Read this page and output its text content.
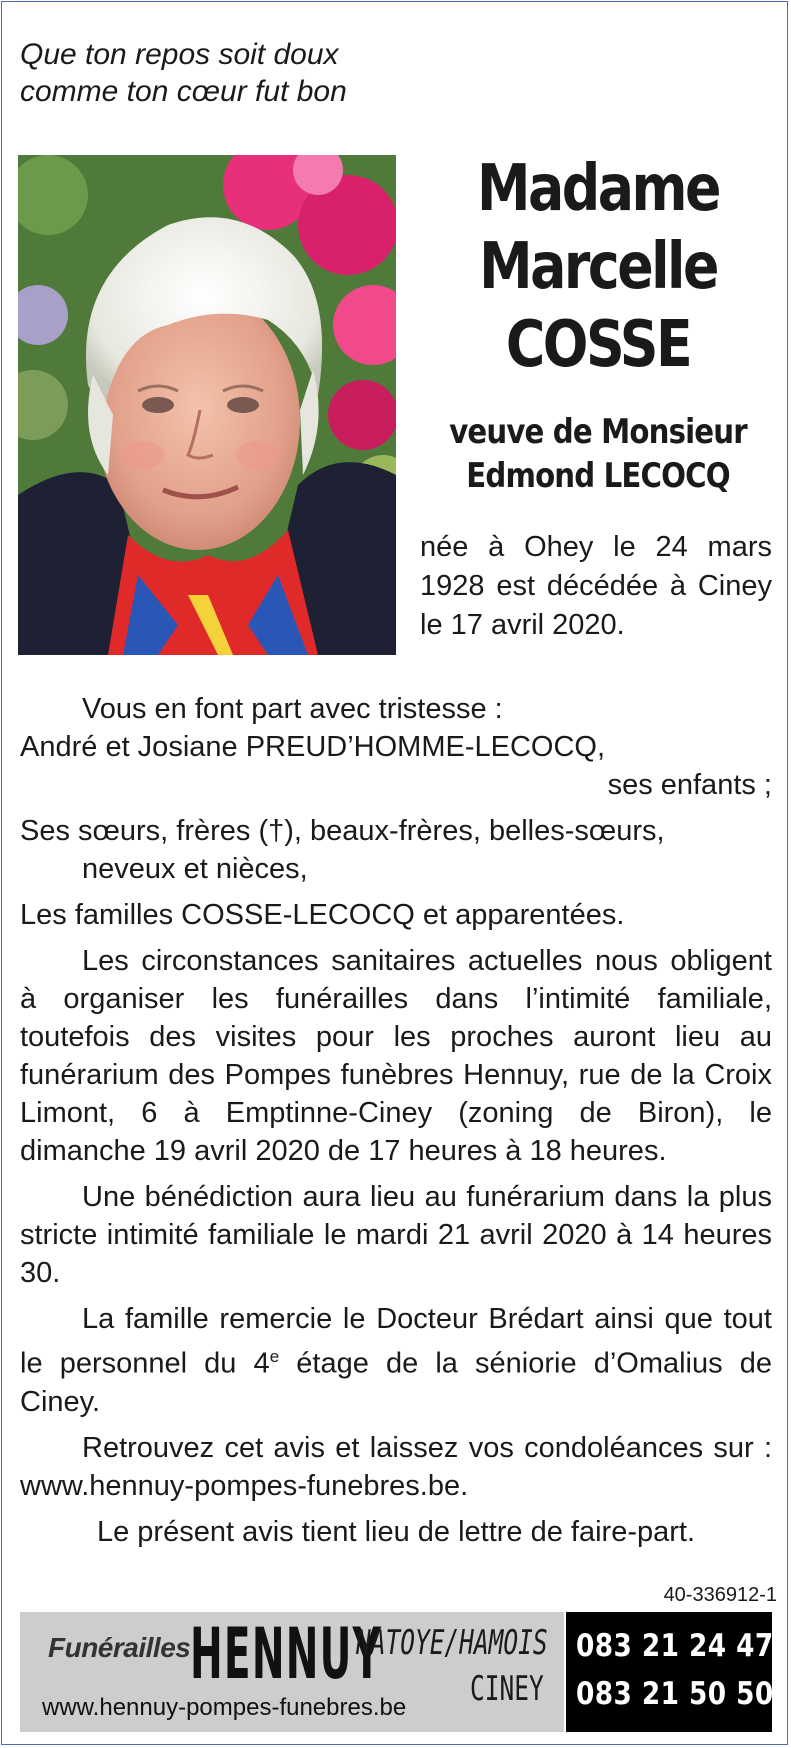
Que ton repos soit doux
comme ton cœur fut bon
Madame
Marcelle
COSSE
veuve de Monsieur
Edmond LECOCQ
née à Ohey le 24 mars 1928 est décédée à Ciney le 17 avril 2020.

Vous en font part avec tristesse :

André et Josiane PREUD’HOMME-LECOCQ,

ses enfants ;

Ses sœurs, frères (†), beaux-frères, belles-sœurs,

neveux et nièces,

Les familles COSSE-LECOCQ et apparentées.

Les circonstances sanitaires actuelles nous obligent à organiser les funérailles dans l’intimité familiale, toutefois des visites pour les proches auront lieu au funérarium des Pompes funèbres Hennuy, rue de la Croix Limont, 6 à Emptinne-Ciney (zoning de Biron), le dimanche 19 avril 2020 de 17 heures à 18 heures.

Une bénédiction aura lieu au funérarium dans la plus stricte intimité familiale le mardi 21 avril 2020 à 14 heures 30.

La famille remercie le Docteur Brédart ainsi que tout le personnel du 4e étage de la séniorie d’Omalius de Ciney.

Retrouvez cet avis et laissez vos condoléances sur : www.hennuy-pompes-funebres.be.

Le présent avis tient lieu de lettre de faire-part.

40-336912-1
Funérailles HENNUY
NATOYE/HAMOIS
CINEY
www.hennuy-pompes-funebres.be
083 21 24 47
083 21 50 50
